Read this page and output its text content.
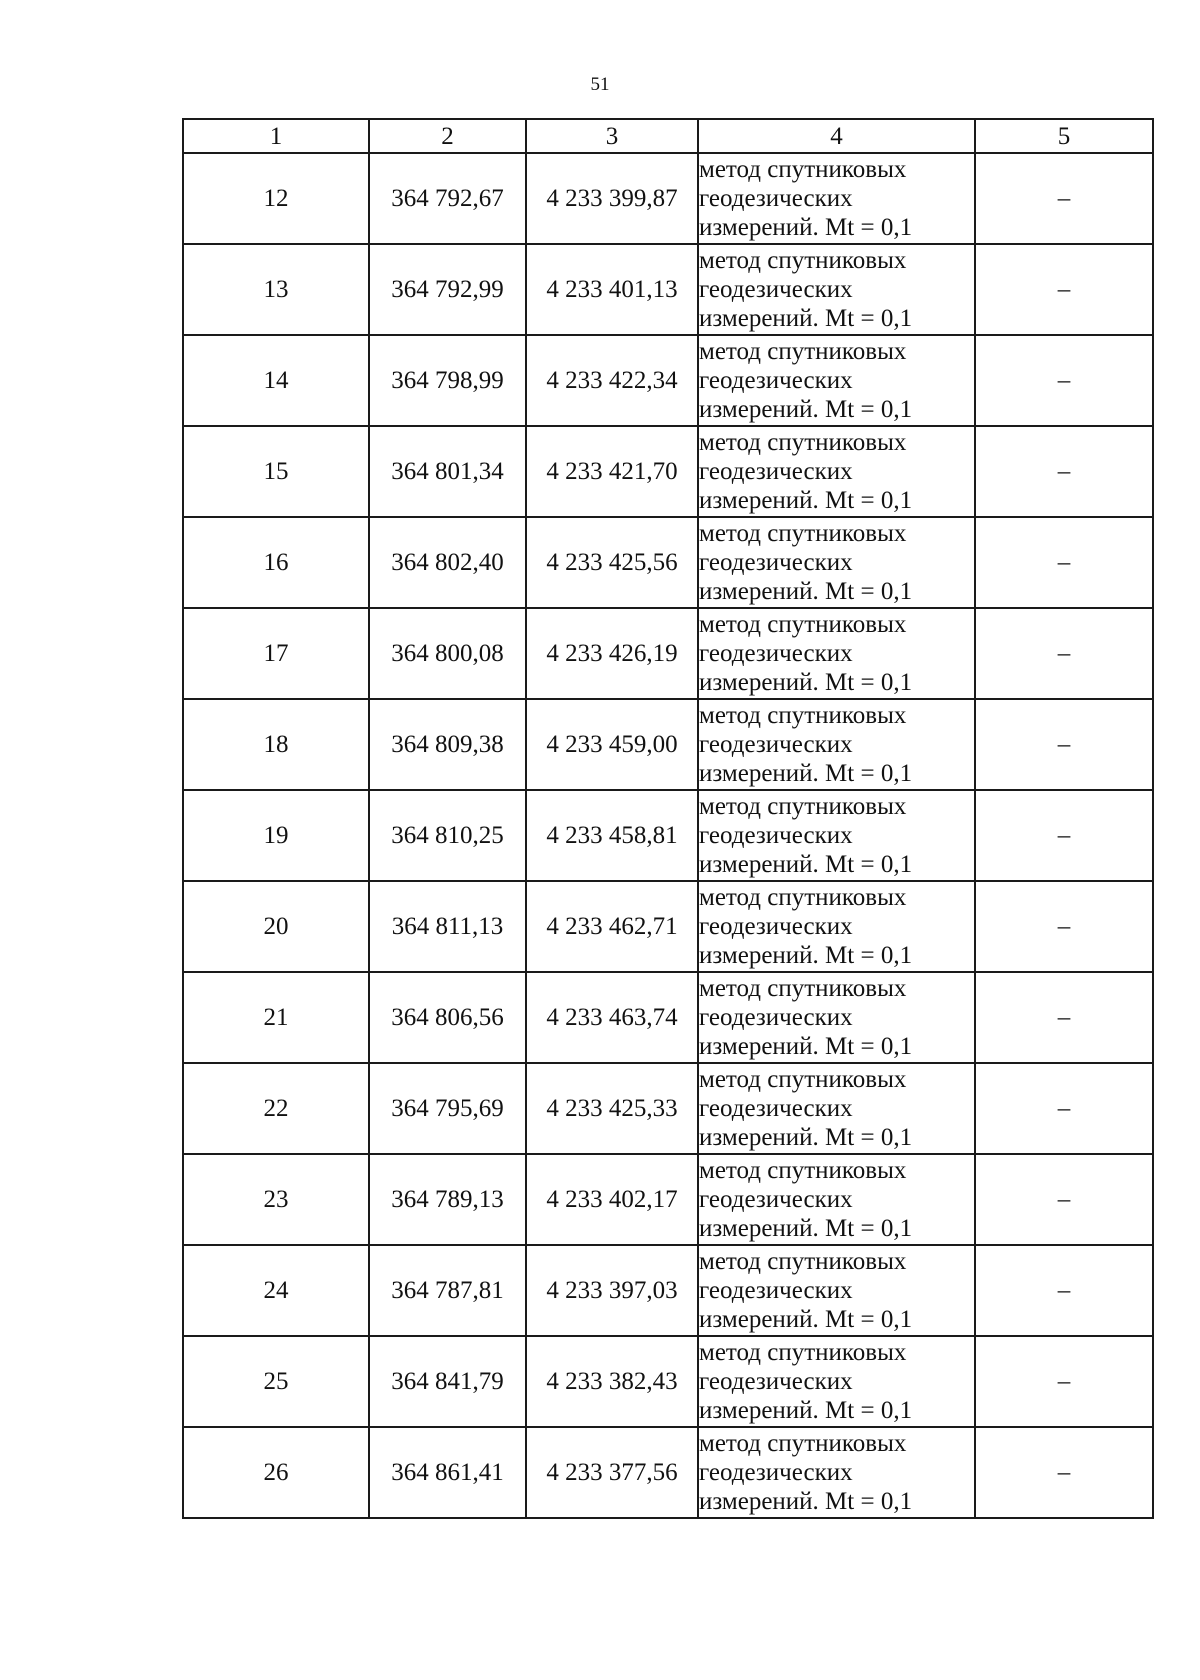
51
1	2	3	4	5
12	364 792,67	4 233 399,87	метод спутниковых
геодезических
измерений. Mt = 0,1	–
13	364 792,99	4 233 401,13	метод спутниковых
геодезических
измерений. Mt = 0,1	–
14	364 798,99	4 233 422,34	метод спутниковых
геодезических
измерений. Mt = 0,1	–
15	364 801,34	4 233 421,70	метод спутниковых
геодезических
измерений. Mt = 0,1	–
16	364 802,40	4 233 425,56	метод спутниковых
геодезических
измерений. Mt = 0,1	–
17	364 800,08	4 233 426,19	метод спутниковых
геодезических
измерений. Mt = 0,1	–
18	364 809,38	4 233 459,00	метод спутниковых
геодезических
измерений. Mt = 0,1	–
19	364 810,25	4 233 458,81	метод спутниковых
геодезических
измерений. Mt = 0,1	–
20	364 811,13	4 233 462,71	метод спутниковых
геодезических
измерений. Mt = 0,1	–
21	364 806,56	4 233 463,74	метод спутниковых
геодезических
измерений. Mt = 0,1	–
22	364 795,69	4 233 425,33	метод спутниковых
геодезических
измерений. Mt = 0,1	–
23	364 789,13	4 233 402,17	метод спутниковых
геодезических
измерений. Mt = 0,1	–
24	364 787,81	4 233 397,03	метод спутниковых
геодезических
измерений. Mt = 0,1	–
25	364 841,79	4 233 382,43	метод спутниковых
геодезических
измерений. Mt = 0,1	–
26	364 861,41	4 233 377,56	метод спутниковых
геодезических
измерений. Mt = 0,1	–
